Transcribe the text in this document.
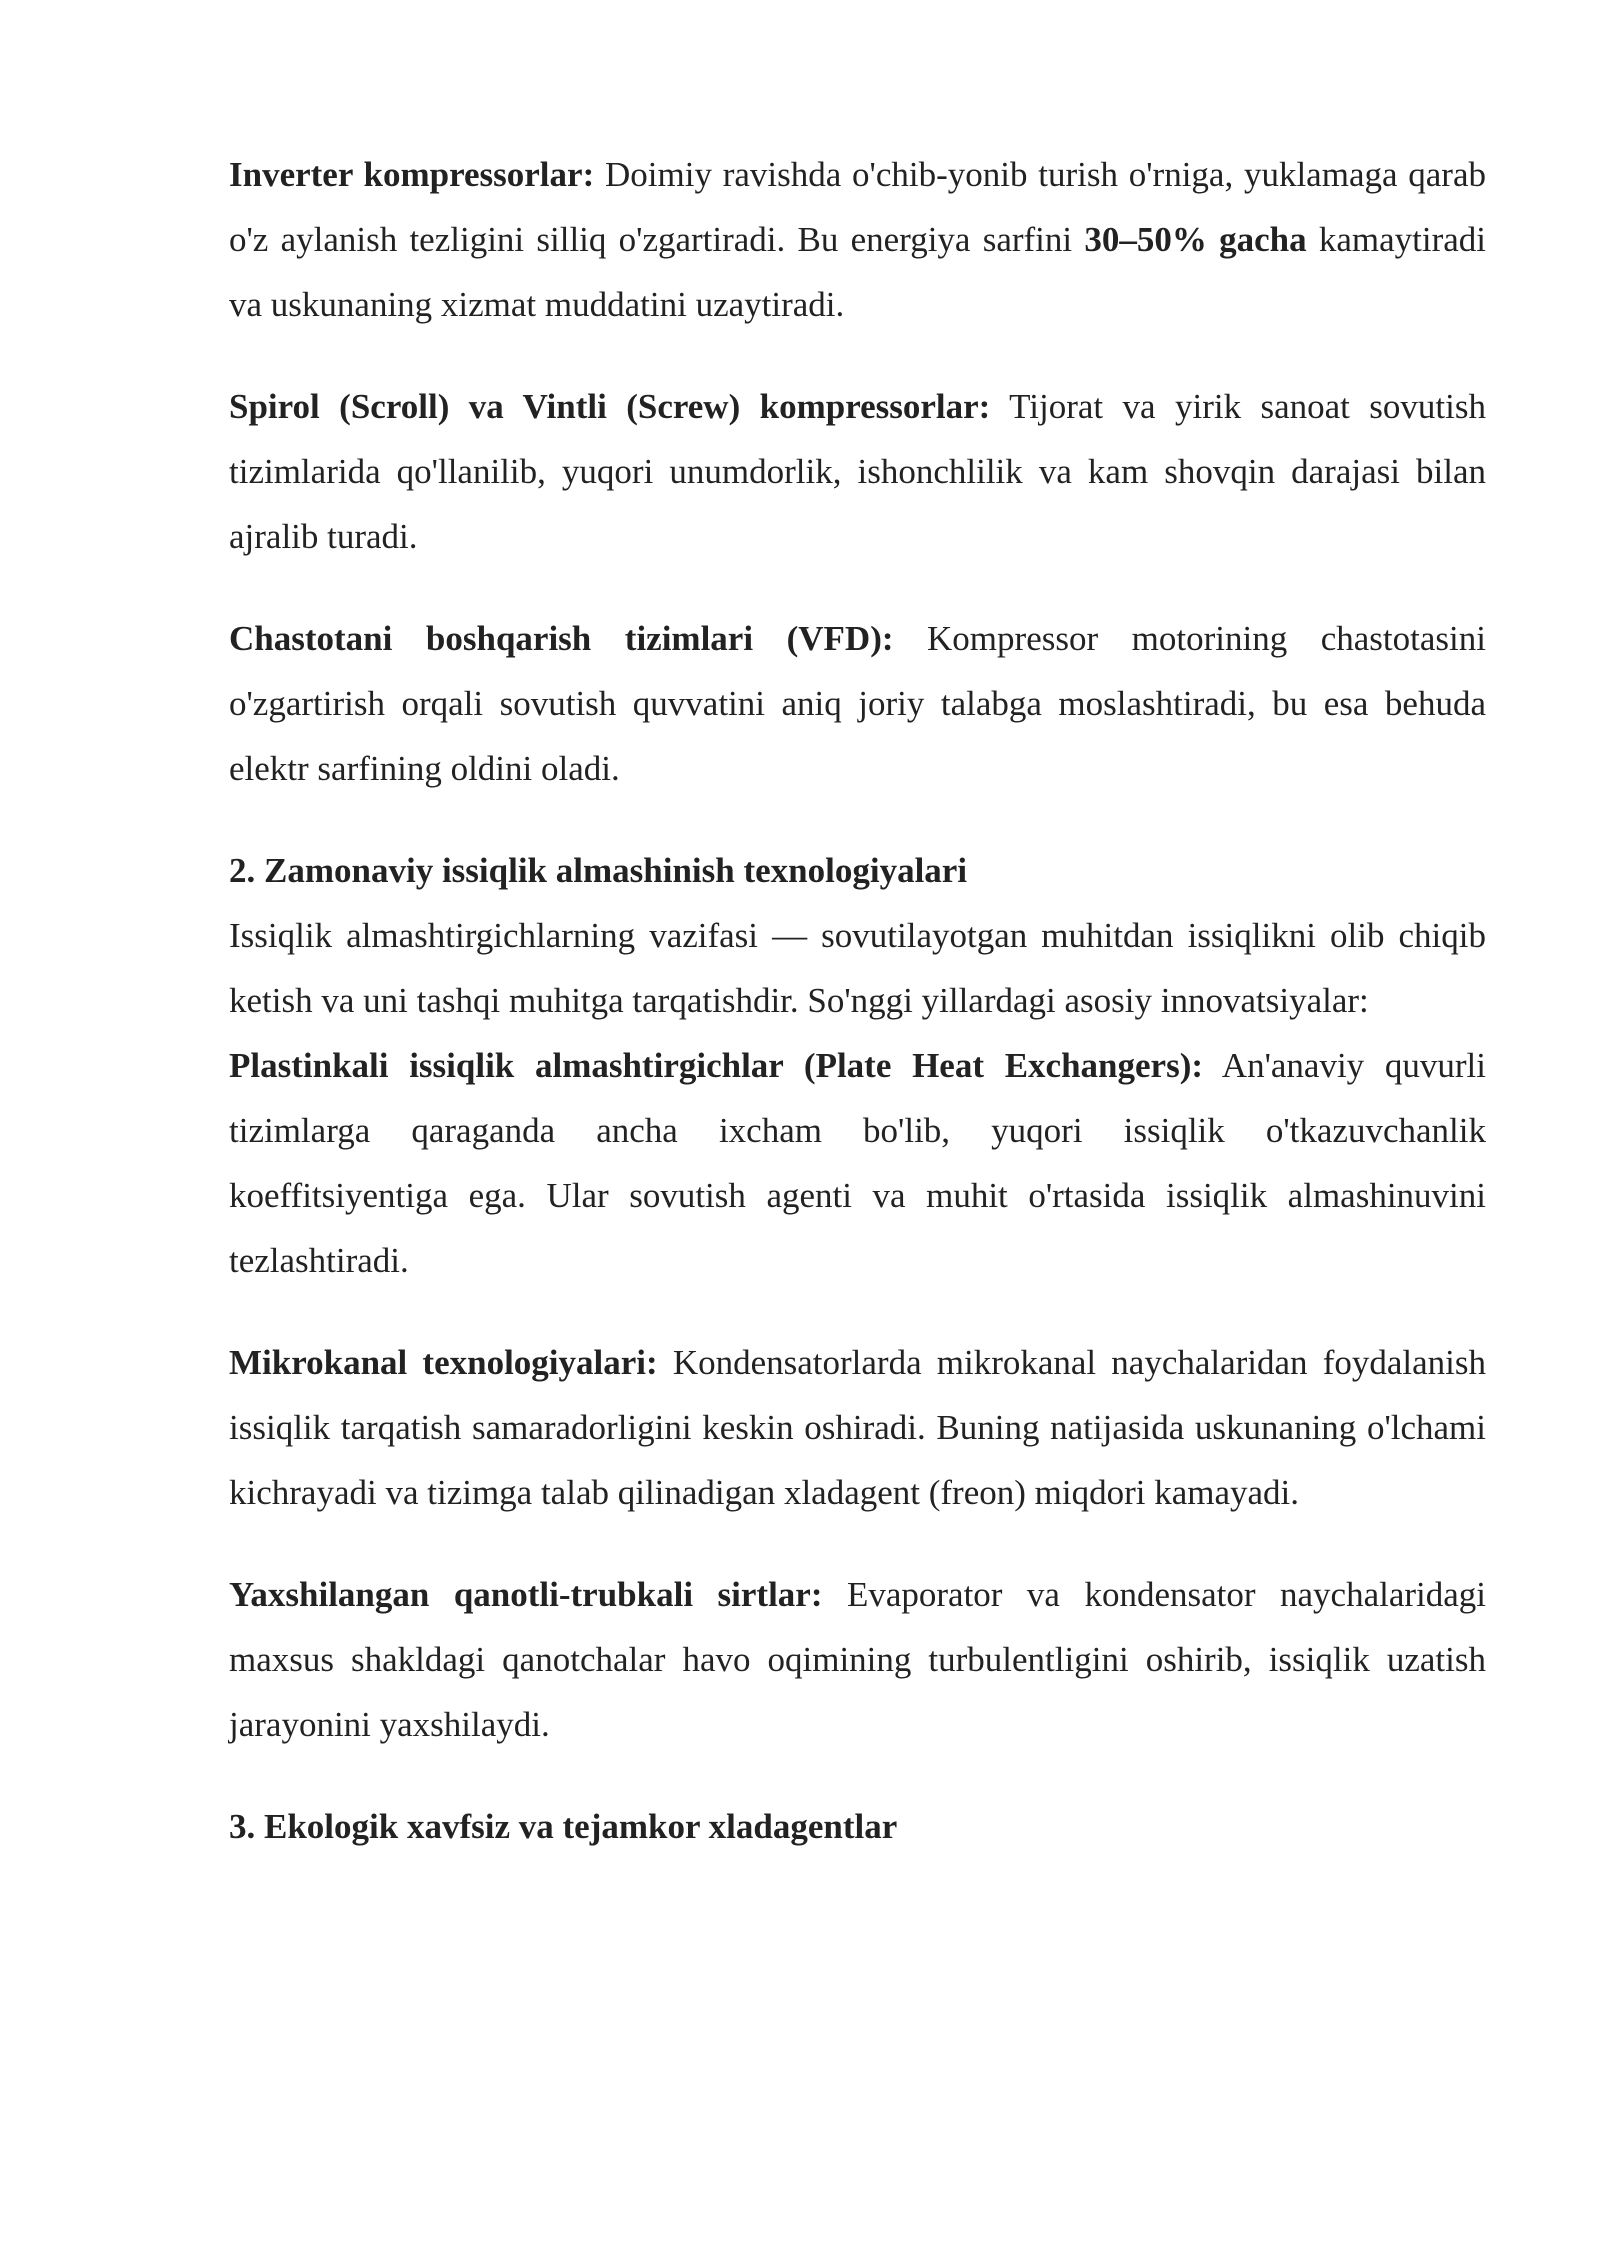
Inverter kompressorlar: Doimiy ravishda o'chib-yonib turish o'rniga, yuklamaga qarab o'z aylanish tezligini silliq o'zgartiradi. Bu energiya sarfini 30–50% gacha kamaytiradi va uskunaning xizmat muddatini uzaytiradi.

Spirol (Scroll) va Vintli (Screw) kompressorlar: Tijorat va yirik sanoat sovutish tizimlarida qo'llanilib, yuqori unumdorlik, ishonchlilik va kam shovqin darajasi bilan ajralib turadi.

Chastotani boshqarish tizimlari (VFD): Kompressor motorining chastotasini o'zgartirish orqali sovutish quvvatini aniq joriy talabga moslashtiradi, bu esa behuda elektr sarfining oldini oladi.

2. Zamonaviy issiqlik almashinish texnologiyalari

Issiqlik almashtirgichlarning vazifasi — sovutilayotgan muhitdan issiqlikni olib chiqib ketish va uni tashqi muhitga tarqatishdir. So'nggi yillardagi asosiy innovatsiyalar:

Plastinkali issiqlik almashtirgichlar (Plate Heat Exchangers): An'anaviy quvurli tizimlarga qaraganda ancha ixcham bo'lib, yuqori issiqlik o'tkazuvchanlik koeffitsiyentiga ega. Ular sovutish agenti va muhit o'rtasida issiqlik almashinuvini tezlashtiradi.

Mikrokanal texnologiyalari: Kondensatorlarda mikrokanal naychalaridan foydalanish issiqlik tarqatish samaradorligini keskin oshiradi. Buning natijasida uskunaning o'lchami kichrayadi va tizimga talab qilinadigan xladagent (freon) miqdori kamayadi.

Yaxshilangan qanotli-trubkali sirtlar: Evaporator va kondensator naychalaridagi maxsus shakldagi qanotchalar havo oqimining turbulentligini oshirib, issiqlik uzatish jarayonini yaxshilaydi.

3. Ekologik xavfsiz va tejamkor xladagentlar
